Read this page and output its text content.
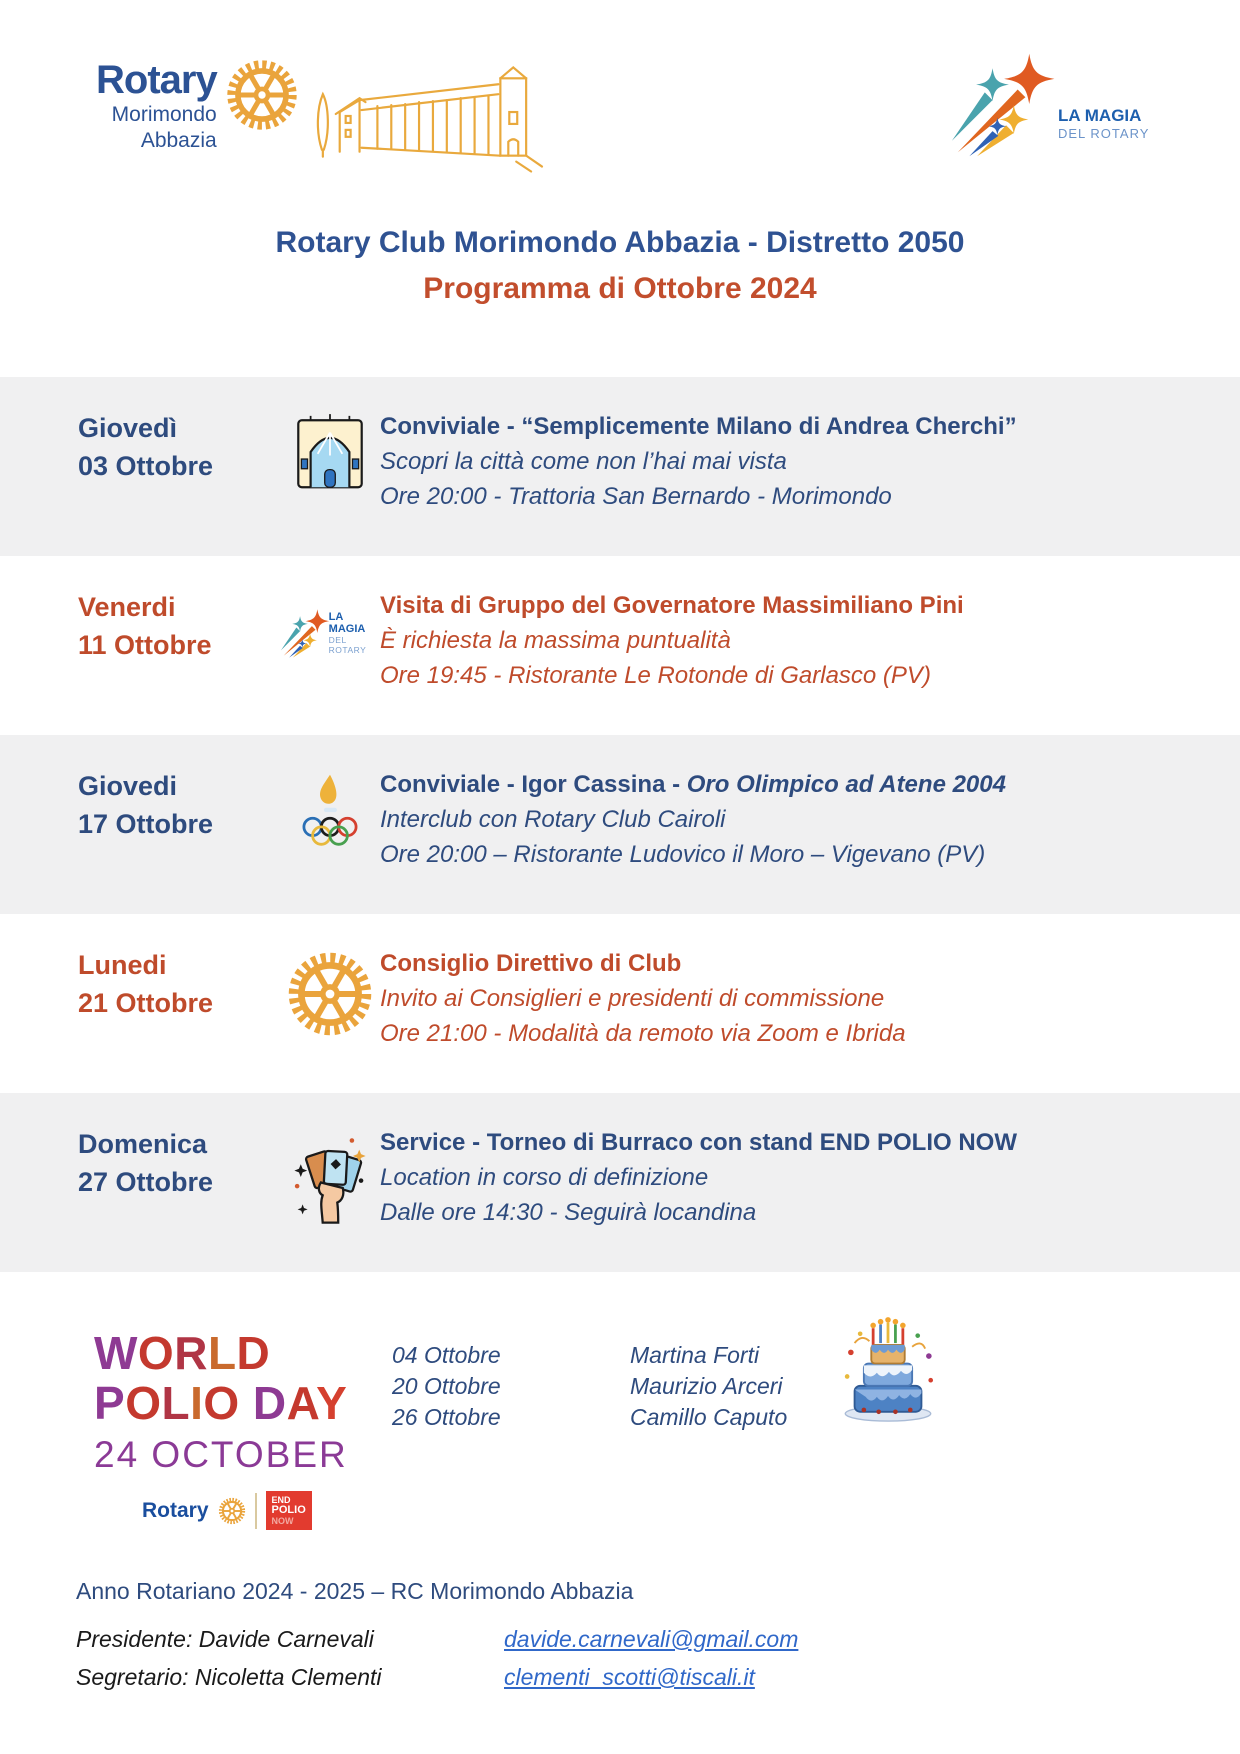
Rotary
Morimondo
Abbazia
LA MAGIA
DEL ROTARY

Rotary Club Morimondo Abbazia - Distretto 2050

Programma di Ottobre 2024

Giovedì
03 Ottobre

Conviviale - “Semplicemente Milano di Andrea Cherchi”

Scopri la città come non l’hai mai vista

Ore 20:00 - Trattoria San Bernardo - Morimondo

Venerdi
11 Ottobre
LA MAGIA
DEL ROTARY

Visita di Gruppo del Governatore Massimiliano Pini

È richiesta la massima puntualità

Ore 19:45 - Ristorante Le Rotonde di Garlasco (PV)

Giovedi
17 Ottobre

Conviviale - Igor Cassina - Oro Olimpico ad Atene 2004

Interclub con Rotary Club Cairoli

Ore 20:00 – Ristorante Ludovico il Moro – Vigevano (PV)

Lunedi
21 Ottobre

Consiglio Direttivo di Club

Invito ai Consiglieri e presidenti di commissione

Ore 21:00 - Modalità da remoto via Zoom e Ibrida

Domenica
27 Ottobre

Service - Torneo di Burraco con stand END POLIO NOW

Location in corso di definizione

Dalle ore 14:30 - Seguirà locandina

WORLD
POLIO DAY
24 OCTOBER
Rotary	END
POLIO
NOW
04 Ottobre	Martina Forti
20 Ottobre	Maurizio Arceri
26 Ottobre	Camillo Caputo
Anno Rotariano 2024 - 2025 – RC Morimondo Abbazia
Presidente: Davide Carnevali	davide.carnevali@gmail.com
Segretario: Nicoletta Clementi	clementi_scotti@tiscali.it
